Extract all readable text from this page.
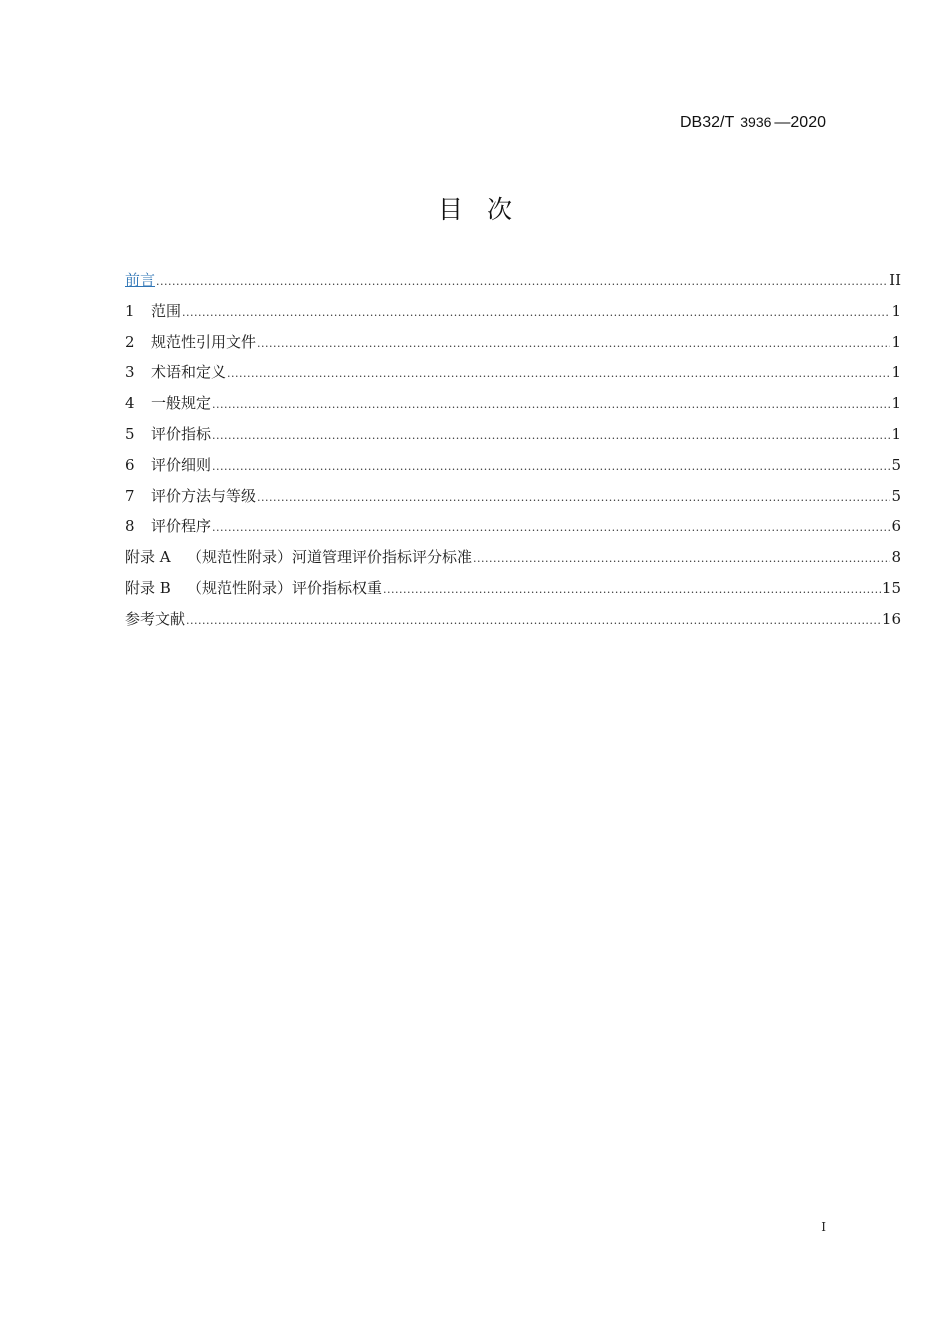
DB32/T 3936 —2020
目次
前言 .....	II
1 范围 .....	1
2 规范性引用文件 .....	1
3 术语和定义 .....	1
4 一般规定 .....	1
5 评价指标 .....	1
6 评价细则 .....	5
7 评价方法与等级 .....	5
8 评价程序 .....	6
附录 A （规范性附录）河道管理评价指标评分标准 .....	8
附录 B （规范性附录）评价指标权重 .....	15
参考文献 .....	16
I
